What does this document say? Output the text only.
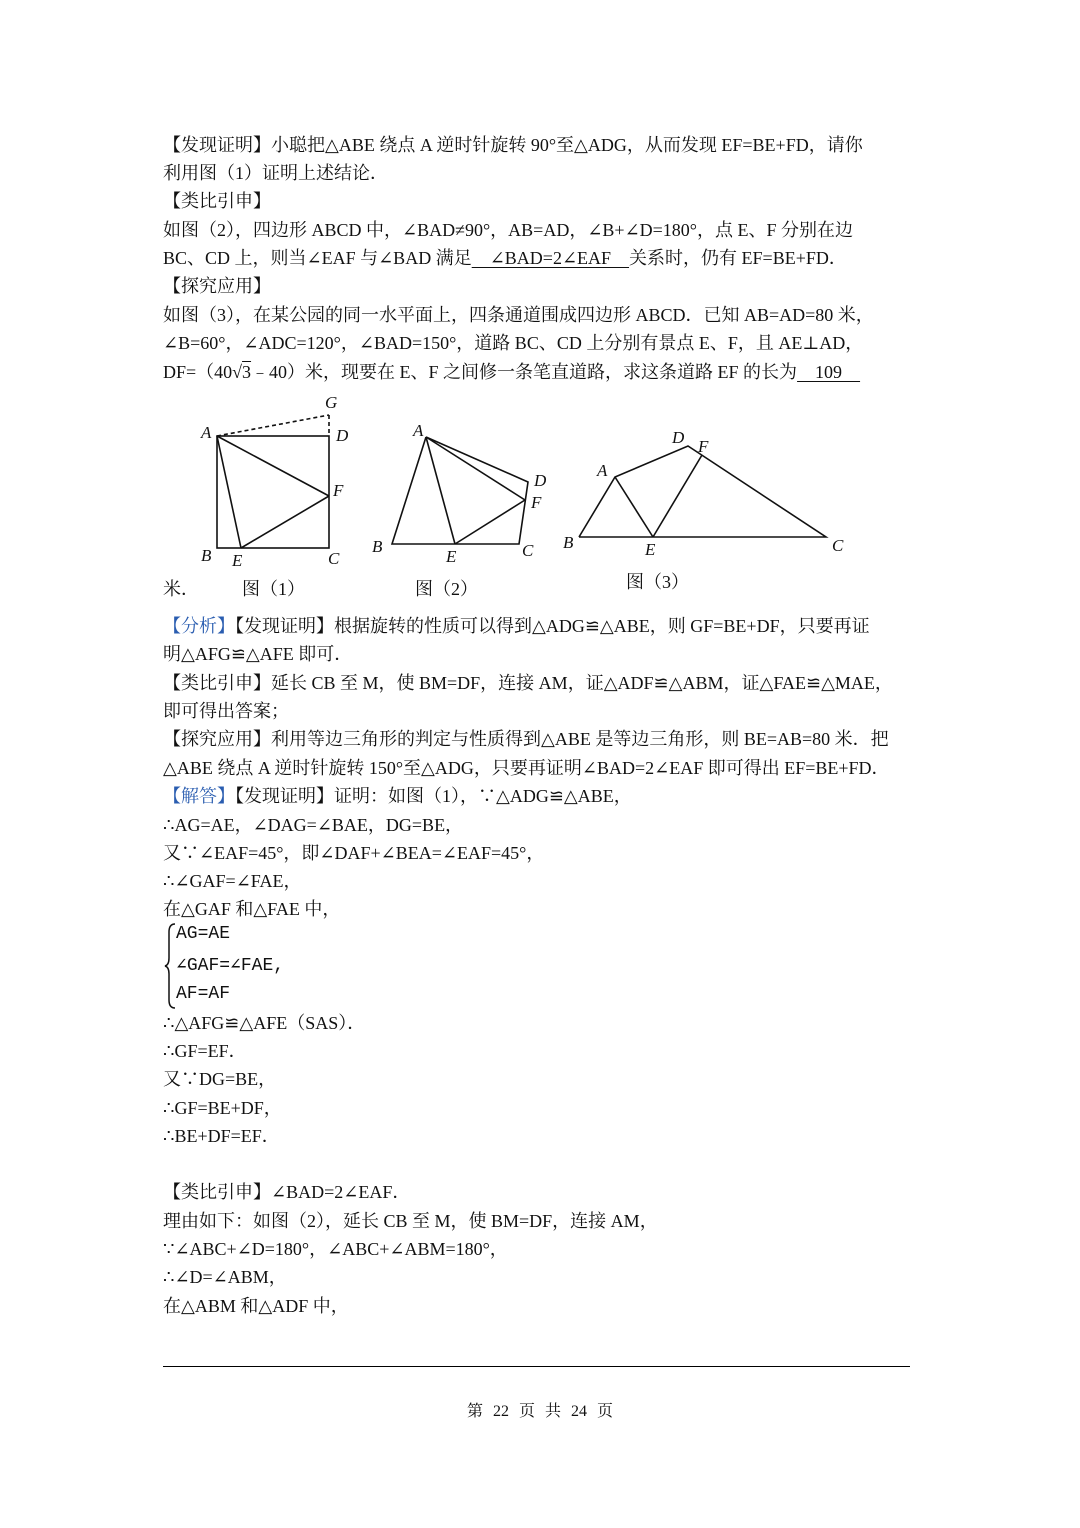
【发现证明】小聪把△ABE 绕点 A 逆时针旋转 90°至△ADG，从而发现 EF=BE+FD，请你
利用图（1）证明上述结论．
【类比引申】
如图（2），四边形 ABCD 中，∠BAD≠90°，AB=AD，∠B+∠D=180°，点 E、F 分别在边
BC、CD 上，则当∠EAF 与∠BAD 满足　∠BAD=2∠EAF　关系时，仍有 EF=BE+FD．
【探究应用】
如图（3），在某公园的同一水平面上，四条通道围成四边形 ABCD．已知 AB=AD=80 米，
∠B=60°，∠ADC=120°，∠BAD=150°，道路 BC、CD 上分别有景点 E、F，且 AE⊥AD，
DF=（40√3﹣40）米，现要在 E、F 之间修一条笔直道路，求这条道路 EF 的长为　109　
米．
A	D
G
B E	C
F
A
D
F
B
E	C
A
D F
B	E	C
图（1）	图（2）	图（3）
【分析】【发现证明】根据旋转的性质可以得到△ADG≌△ABE，则 GF=BE+DF，只要再证
明△AFG≌△AFE 即可．
【类比引申】延长 CB 至 M，使 BM=DF，连接 AM，证△ADF≌△ABM，证△FAE≌△MAE，
即可得出答案；
【探究应用】利用等边三角形的判定与性质得到△ABE 是等边三角形，则 BE=AB=80 米．把
△ABE 绕点 A 逆时针旋转 150°至△ADG，只要再证明∠BAD=2∠EAF 即可得出 EF=BE+FD．
【解答】【发现证明】证明：如图（1），∵△ADG≌△ABE，
∴AG=AE，∠DAG=∠BAE，DG=BE，
又∵∠EAF=45°，即∠DAF+∠BEA=∠EAF=45°，
∴∠GAF=∠FAE，
在△GAF 和△FAE 中，
AG=AE
∠GAF=∠FAE,
AF=AF
∴△AFG≌△AFE（SAS）．
∴GF=EF．
又∵DG=BE，
∴GF=BE+DF，
∴BE+DF=EF．
【类比引申】∠BAD=2∠EAF．
理由如下：如图（2），延长 CB 至 M，使 BM=DF，连接 AM，
∵∠ABC+∠D=180°，∠ABC+∠ABM=180°，
∴∠D=∠ABM，
在△ABM 和△ADF 中，
第 22 页 共 24 页
